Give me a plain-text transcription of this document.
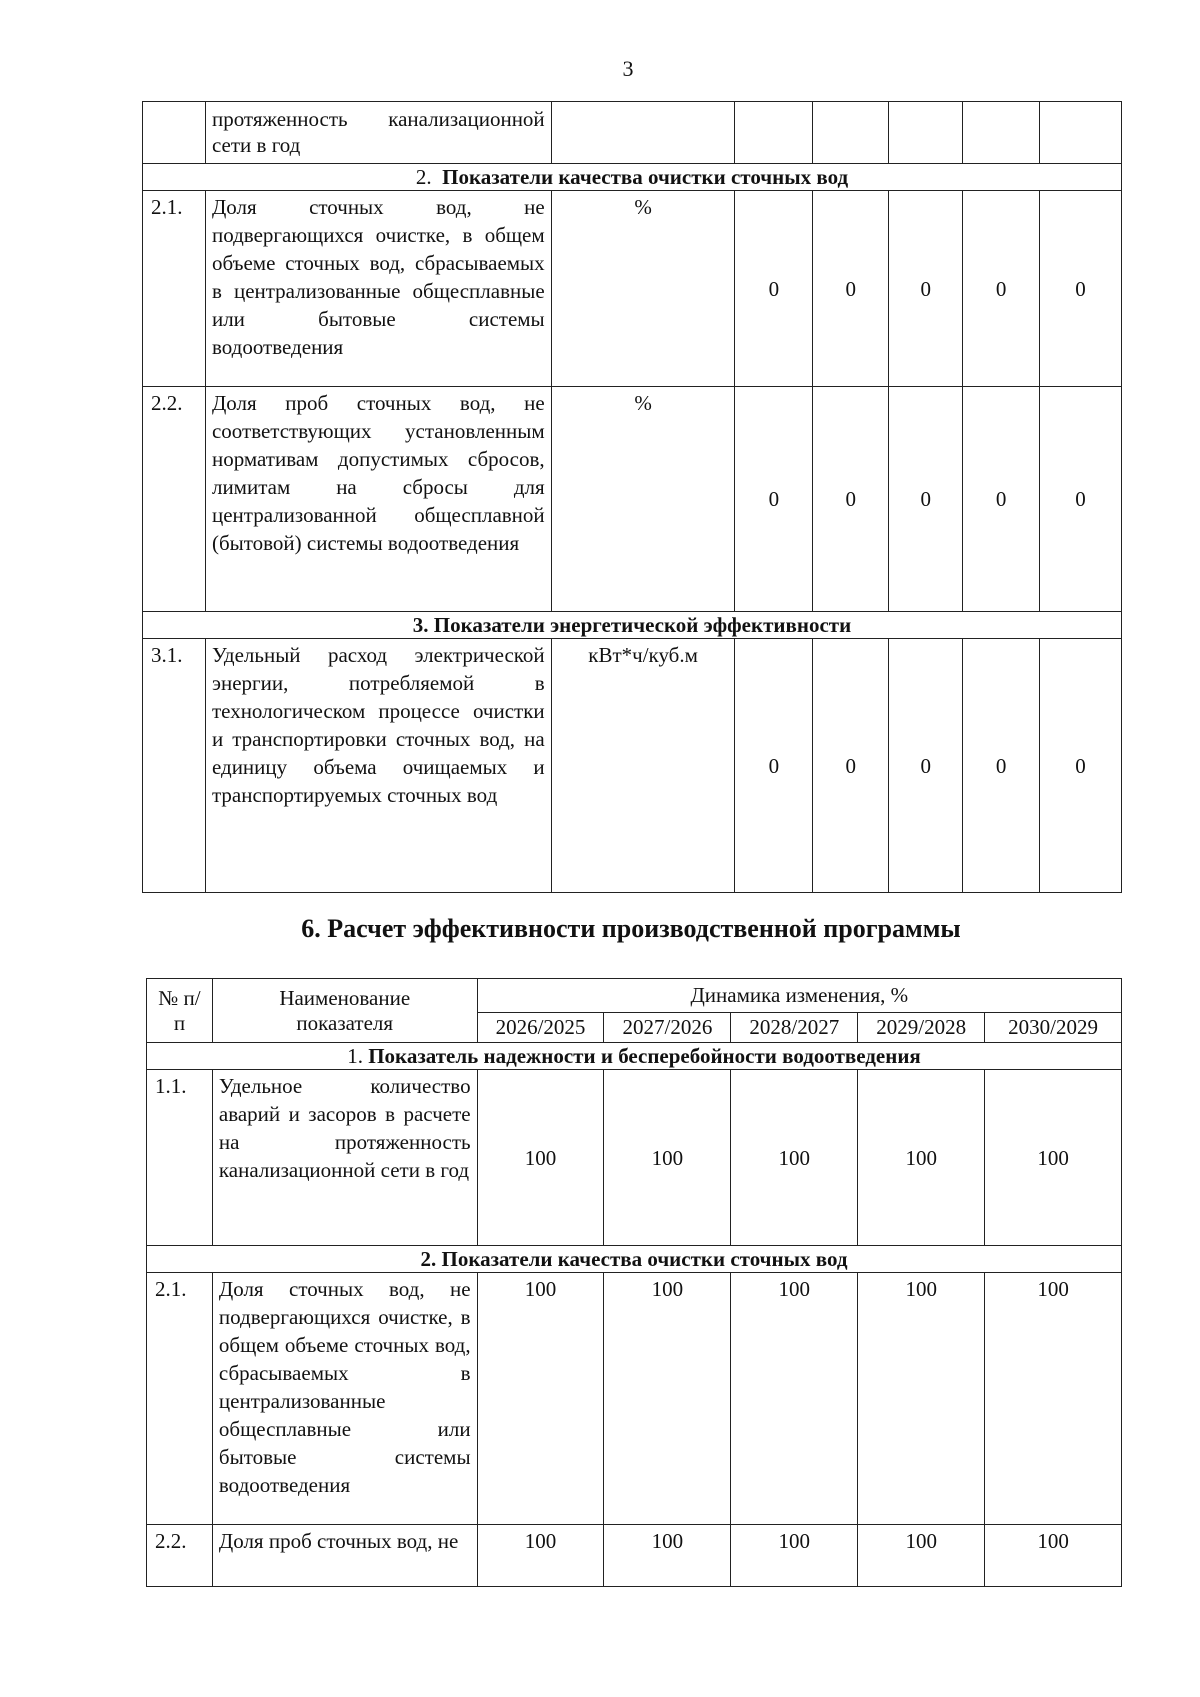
3
	протяженность канализационной сети в год						
2. Показатели качества очистки сточных вод							
2.1.	Доля сточных вод, не подвергающихся очистке, в общем объеме сточных вод, сбрасываемых в централизованные общесплавные или бытовые системы водоотведения	%	0	0	0	0	0
2.2.	Доля проб сточных вод, не соответствующих установленным нормативам допустимых сбросов, лимитам на сбросы для централизованной общесплавной (бытовой) системы водоотведения	%	0	0	0	0	0
3. Показатели энергетической эффективности							
3.1.	Удельный расход электрической энергии, потребляемой в технологическом процессе очистки и транспортировки сточных вод, на единицу объема очищаемых и транспортируемых сточных вод	кВт*ч/куб.м	0	0	0	0	0
6. Расчет эффективности производственной программы
№ п/п	Наименование показателя	Динамика изменения, %				
		2026/2025	2027/2026	2028/2027	2029/2028	2030/2029
1. Показатель надежности и бесперебойности водоотведения						
1.1.	Удельное количество аварий и засоров в расчете на протяженность канализационной сети в год	100	100	100	100	100
2. Показатели качества очистки сточных вод						
2.1.	Доля сточных вод, не подвергающихся очистке, в общем объеме сточных вод, сбрасываемых в централизованные общесплавные или бытовые системы водоотведения	100	100	100	100	100
2.2.	Доля проб сточных вод, не	100	100	100	100	100
